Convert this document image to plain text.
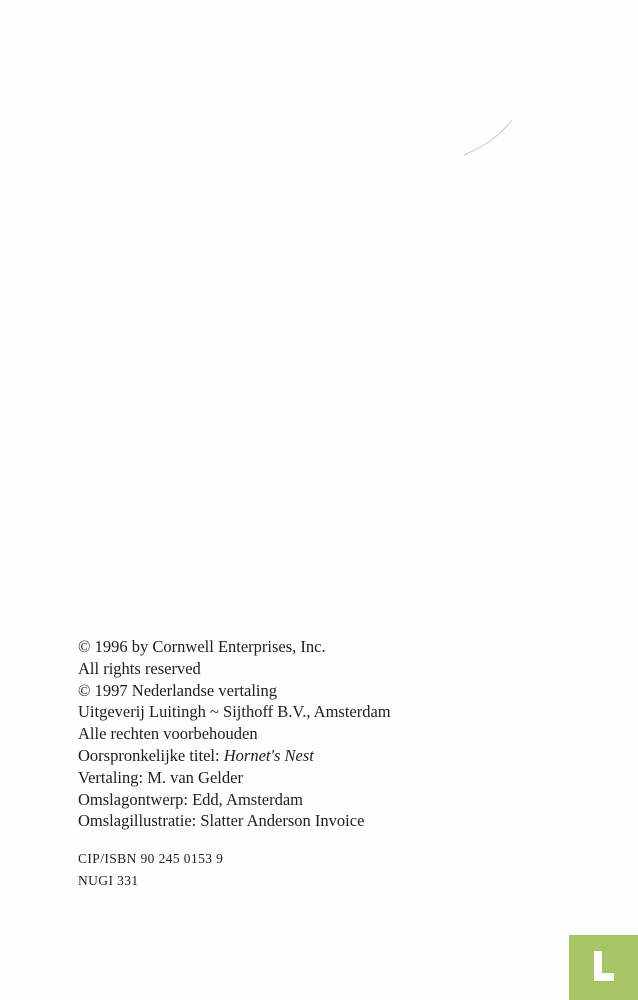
© 1996 by Cornwell Enterprises, Inc.
All rights reserved
© 1997 Nederlandse vertaling
Uitgeverij Luitingh ~ Sijthoff B.V., Amsterdam
Alle rechten voorbehouden
Oorspronkelijke titel: Hornet's Nest
Vertaling: M. van Gelder
Omslagontwerp: Edd, Amsterdam
Omslagillustratie: Slatter Anderson Invoice
CIP/ISBN 90 245 0153 9
NUGI 331
